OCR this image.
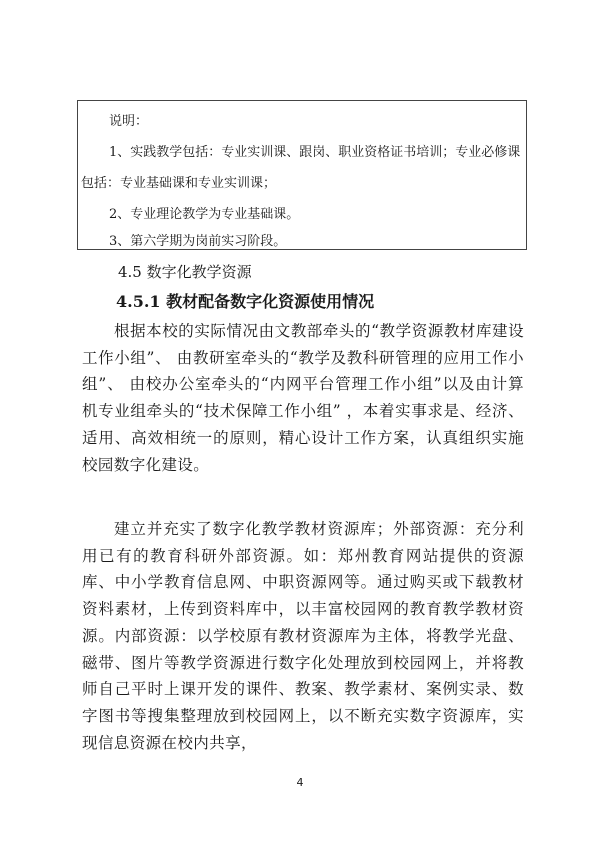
说明：
1、实践教学包括：专业实训课、跟岗、职业资格证书培训；专业必修课
包括：专业基础课和专业实训课；
2、专业理论教学为专业基础课。
3、第六学期为岗前实习阶段。
4.5 数字化教学资源
4.5.1 教材配备数字化资源使用情况
根据本校的实际情况由文教部牵头的“教学资源教材库建设工作小组”、 由教研室牵头的“教学及教科研管理的应用工作小组”、 由校办公室牵头的“内网平台管理工作小组”以及由计算机专业组牵头的“技术保障工作小组” ，本着实事求是、经济、适用、高效相统一的原则，精心设计工作方案，认真组织实施校园数字化建设。
建立并充实了数字化教学教材资源库；外部资源：充分利用已有的教育科研外部资源。如：郑州教育网站提供的资源库、中小学教育信息网、中职资源网等。通过购买或下载教材资料素材，上传到资料库中，以丰富校园网的教育教学教材资源。内部资源：以学校原有教材资源库为主体，将教学光盘、磁带、图片等教学资源进行数字化处理放到校园网上，并将教师自己平时上课开发的课件、教案、教学素材、案例实录、数字图书等搜集整理放到校园网上，以不断充实数字资源库，实现信息资源在校内共享，
4
